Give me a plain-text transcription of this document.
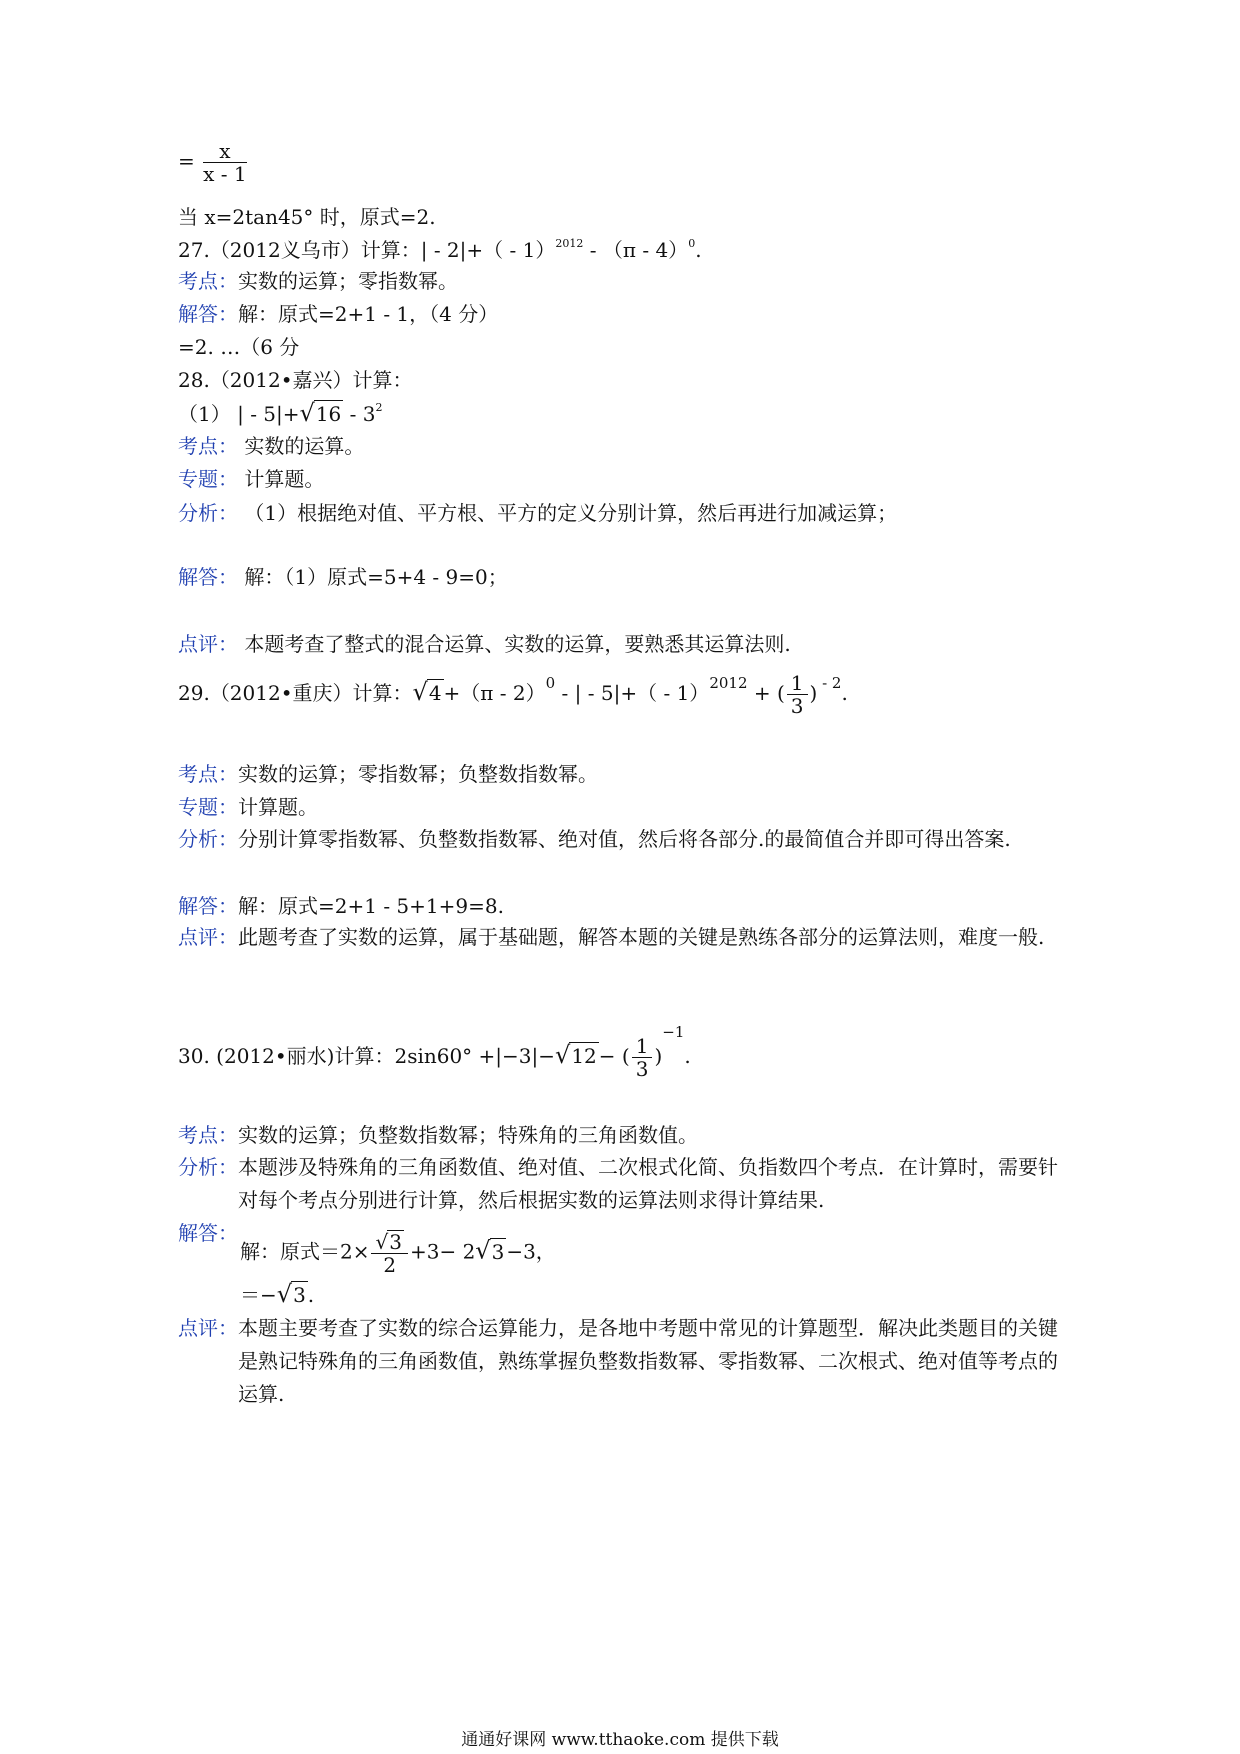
= $\frac{x}{x - 1}$
当 x=2tan45° 时，原式=2.
27.（2012义乌市）计算：| - 2|+（ - 1）$^{2012}$ - （π - 4）$^0$.
考点：实数的运算；零指数幂。
解答：解：原式=2+1 - 1，（4 分）
=2. …（6 分
28.（2012•嘉兴）计算：
（1） | - $5|+√16 - 3^2$
考点： 实数的运算。
专题： 计算题。
分析： （1）根据绝对值、平方根、平方的定义分别计算，然后再进行加减运算；
解答： 解：（1）原式=5+4 - 9=0；
点评： 本题考查了整式的混合运算、实数的运算，要熟悉其运算法则.
29.（2012•重庆）计算：√4 +（π - 2）$^0$ - | - 5|+（ - 1）$^{2012}$ + ( $\frac{1}{3}$ ) $^{- 2}$.
考点：实数的运算；零指数幂；负整数指数幂。
专题：计算题。
分析：分别计算零指数幂、负整数指数幂、绝对值，然后将各部分.的最简值合并即可得出答案.
解答：解：原式=2+1 - 5+1+9=8.
点评：此题考查了实数的运算，属于基础题，解答本题的关键是熟练各部分的运算法则，难度一般.
30. (2012•丽水)计算：2sin60° +|−3|−√12 − ( $\frac{1}{3} )^{-1}$.
考点：实数的运算；负整数指数幂；特殊角的三角函数值。
分析：本题涉及特殊角的三角函数值、绝对值、二次根式化简、负指数四个考点．在计算时，需要针对每个考点分别进行计算，然后根据实数的运算法则求得计算结果.
解答：
解：原式$=2\times \frac{√3}{2} +3- 2√3 -3$，
＝−√3 .
点评：本题主要考查了实数的综合运算能力，是各地中考题中常见的计算题型．解决此类题目的关键是熟记特殊角的三角函数值，熟练掌握负整数指数幂、零指数幂、二次根式、绝对值等考点的运算.
通通好课网 www.tthaoke.com 提供下载
